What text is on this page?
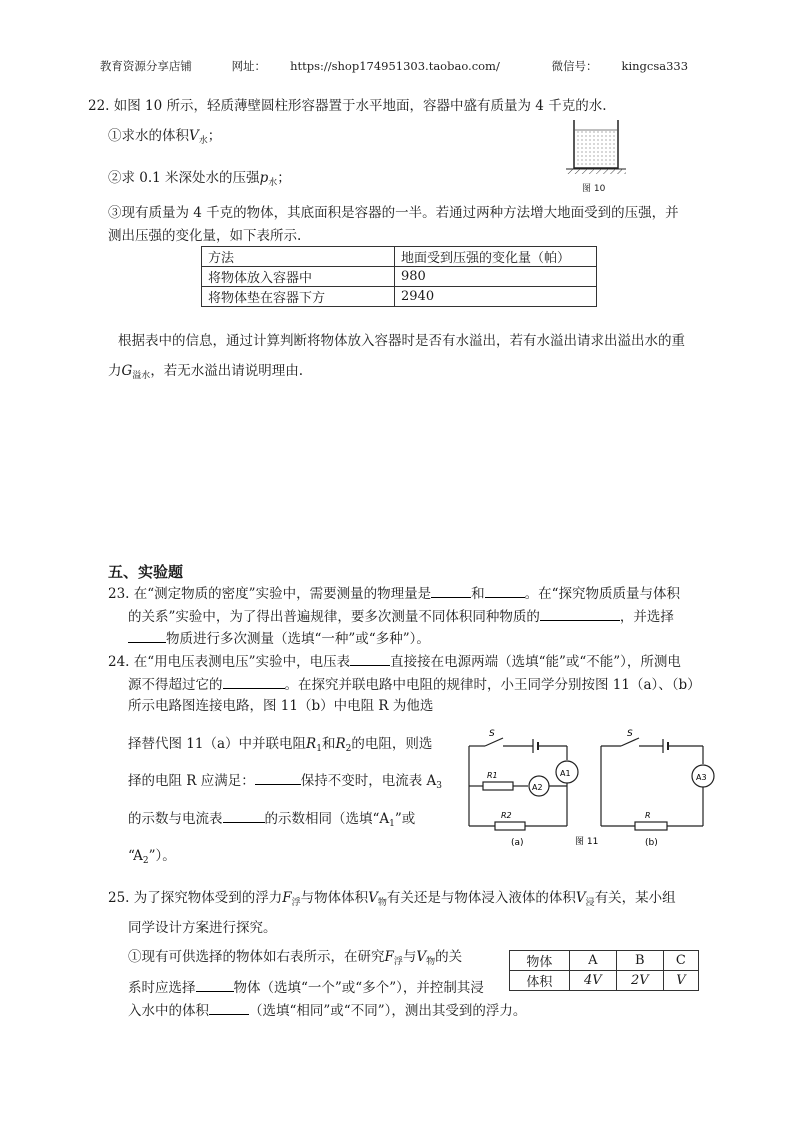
教育资源分享店铺	网址： https://shop174951303.taobao.com/	微信号： kingcsa333
22. 如图 10 所示，轻质薄壁圆柱形容器置于水平地面，容器中盛有质量为 4 千克的水.
①求水的体积$V_水$；
②求 0.1 米深处水的压强$p_水$；
图 10
③现有质量为 4 千克的物体，其底面积是容器的一半。若通过两种方法增大地面受到的压强，并
测出压强的变化量，如下表所示.
方法	地面受到压强的变化量（帕）
将物体放入容器中	980
将物体垫在容器下方	2940
根据表中的信息，通过计算判断将物体放入容器时是否有水溢出，若有水溢出请求出溢出水的重
力$G_{溢水}$，若无水溢出请说明理由.
五、实验题
23. 在“测定物质的密度”实验中，需要测量的物理量是	和	。在“探究物质质量与体积
的关系”实验中，为了得出普遍规律，要多次测量不同体积同种物质的	，并选择
物质进行多次测量（选填“一种”或“多种”）。
24. 在“用电压表测电压”实验中，电压表	直接接在电源两端（选填“能”或“不能”），所测电
源不得超过它的	。在探究并联电路中电阻的规律时，小王同学分别按图 11（a）、（b）
所示电路图连接电路，图 11（b）中电阻 R 为他选
择替代图 11（a）中并联电阻$R_1$和$R_2$的电阻，则选
择的电阻 R 应满足：	保持不变时，电流表 $A_3$
的示数与电流表	的示数相同（选填“$A_1$”或
“$A_2$”）。
S
A1
R1
A2
R2
(a)	图 11
S
A3
R
(b)
25. 为了探究物体受到的浮力$F_浮$与物体体积$V_物$有关还是与物体浸入液体的体积$V_浸$有关，某小组
同学设计方案进行探究。
①现有可供选择的物体如右表所示，在研究$F_浮$与$V_物$的关
系时应选择	物体（选填“一个”或“多个”），并控制其浸
入水中的体积	（选填“相同”或“不同”），测出其受到的浮力。
物体	A	B	C
体积	4V	2V	V
